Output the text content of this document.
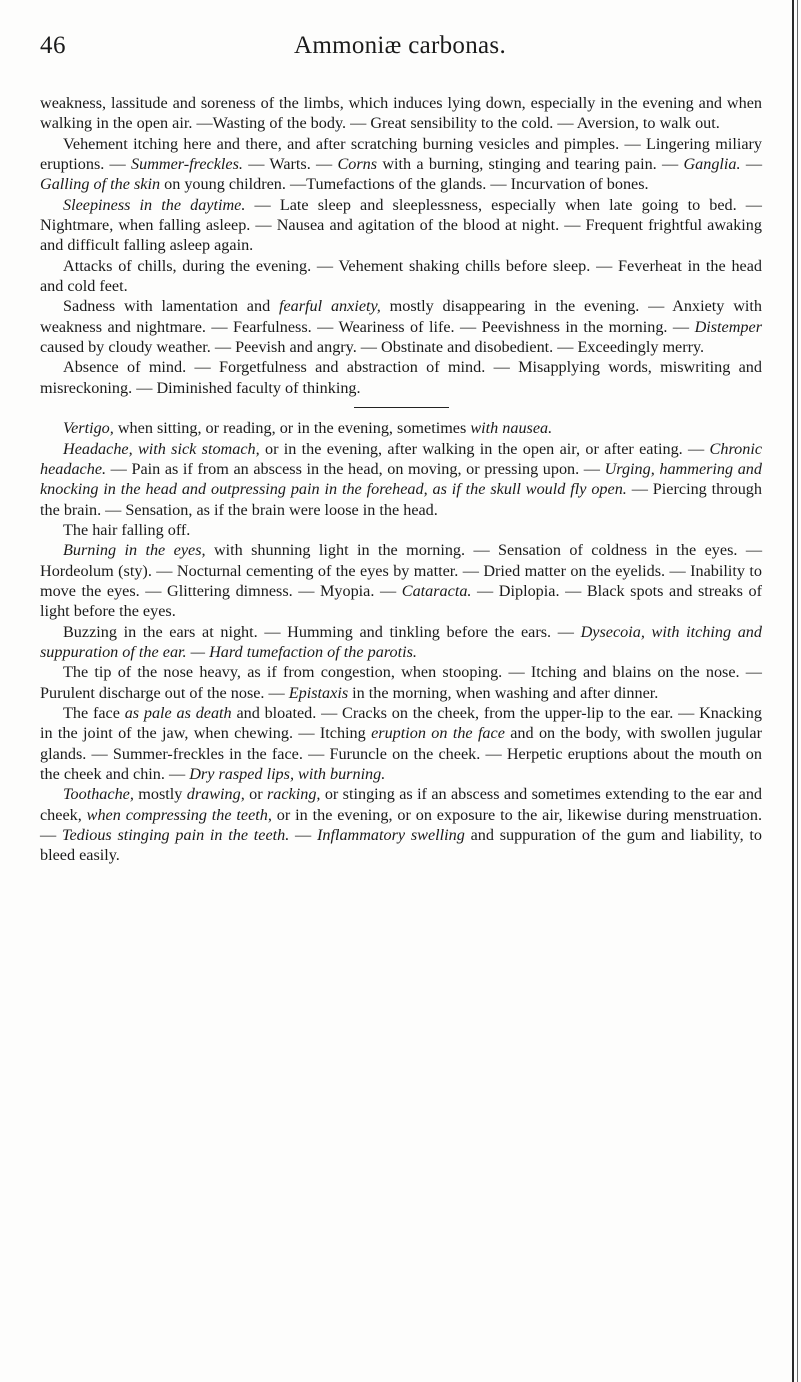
46	Ammoniæ carbonas.

weakness, lassitude and soreness of the limbs, which induces lying down, especially in the evening and when walking in the open air. —Wasting of the body. — Great sensibility to the cold. — Aversion, to walk out.

Vehement itching here and there, and after scratching burning vesicles and pimples. — Lingering miliary eruptions. — Summer-freckles. — Warts. — Corns with a burning, stinging and tearing pain. — Ganglia. — Galling of the skin on young children. —Tumefactions of the glands. — Incurvation of bones.

Sleepiness in the daytime. — Late sleep and sleeplessness, especially when late going to bed. — Nightmare, when falling asleep. — Nausea and agitation of the blood at night. — Frequent frightful awaking and difficult falling asleep again.

Attacks of chills, during the evening. — Vehement shaking chills before sleep. — Feverheat in the head and cold feet.

Sadness with lamentation and fearful anxiety, mostly disappearing in the evening. — Anxiety with weakness and nightmare. — Fearfulness. — Weariness of life. — Peevishness in the morning. — Distemper caused by cloudy weather. — Peevish and angry. — Obstinate and disobedient. — Exceedingly merry.

Absence of mind. — Forgetfulness and abstraction of mind. — Misapplying words, miswriting and misreckoning. — Diminished faculty of thinking.

Vertigo, when sitting, or reading, or in the evening, sometimes with nausea.

Headache, with sick stomach, or in the evening, after walking in the open air, or after eating. — Chronic headache. — Pain as if from an abscess in the head, on moving, or pressing upon. — Urging, hammering and knocking in the head and outpressing pain in the forehead, as if the skull would fly open. — Piercing through the brain. — Sensation, as if the brain were loose in the head.

The hair falling off.

Burning in the eyes, with shunning light in the morning. — Sensation of coldness in the eyes. — Hordeolum (sty). — Nocturnal cementing of the eyes by matter. — Dried matter on the eyelids. — Inability to move the eyes. — Glittering dimness. — Myopia. — Cataracta. — Diplopia. — Black spots and streaks of light before the eyes.

Buzzing in the ears at night. — Humming and tinkling before the ears. — Dysecoia, with itching and suppuration of the ear. — Hard tumefaction of the parotis.

The tip of the nose heavy, as if from congestion, when stooping. — Itching and blains on the nose. — Purulent discharge out of the nose. — Epistaxis in the morning, when washing and after dinner.

The face as pale as death and bloated. — Cracks on the cheek, from the upper-lip to the ear. — Knacking in the joint of the jaw, when chewing. — Itching eruption on the face and on the body, with swollen jugular glands. — Summer-freckles in the face. — Furuncle on the cheek. — Herpetic eruptions about the mouth on the cheek and chin. — Dry rasped lips, with burning.

Toothache, mostly drawing, or racking, or stinging as if an abscess and sometimes extending to the ear and cheek, when compressing the teeth, or in the evening, or on exposure to the air, likewise during menstruation. — Tedious stinging pain in the teeth. — Inflammatory swelling and suppuration of the gum and liability, to bleed easily.
